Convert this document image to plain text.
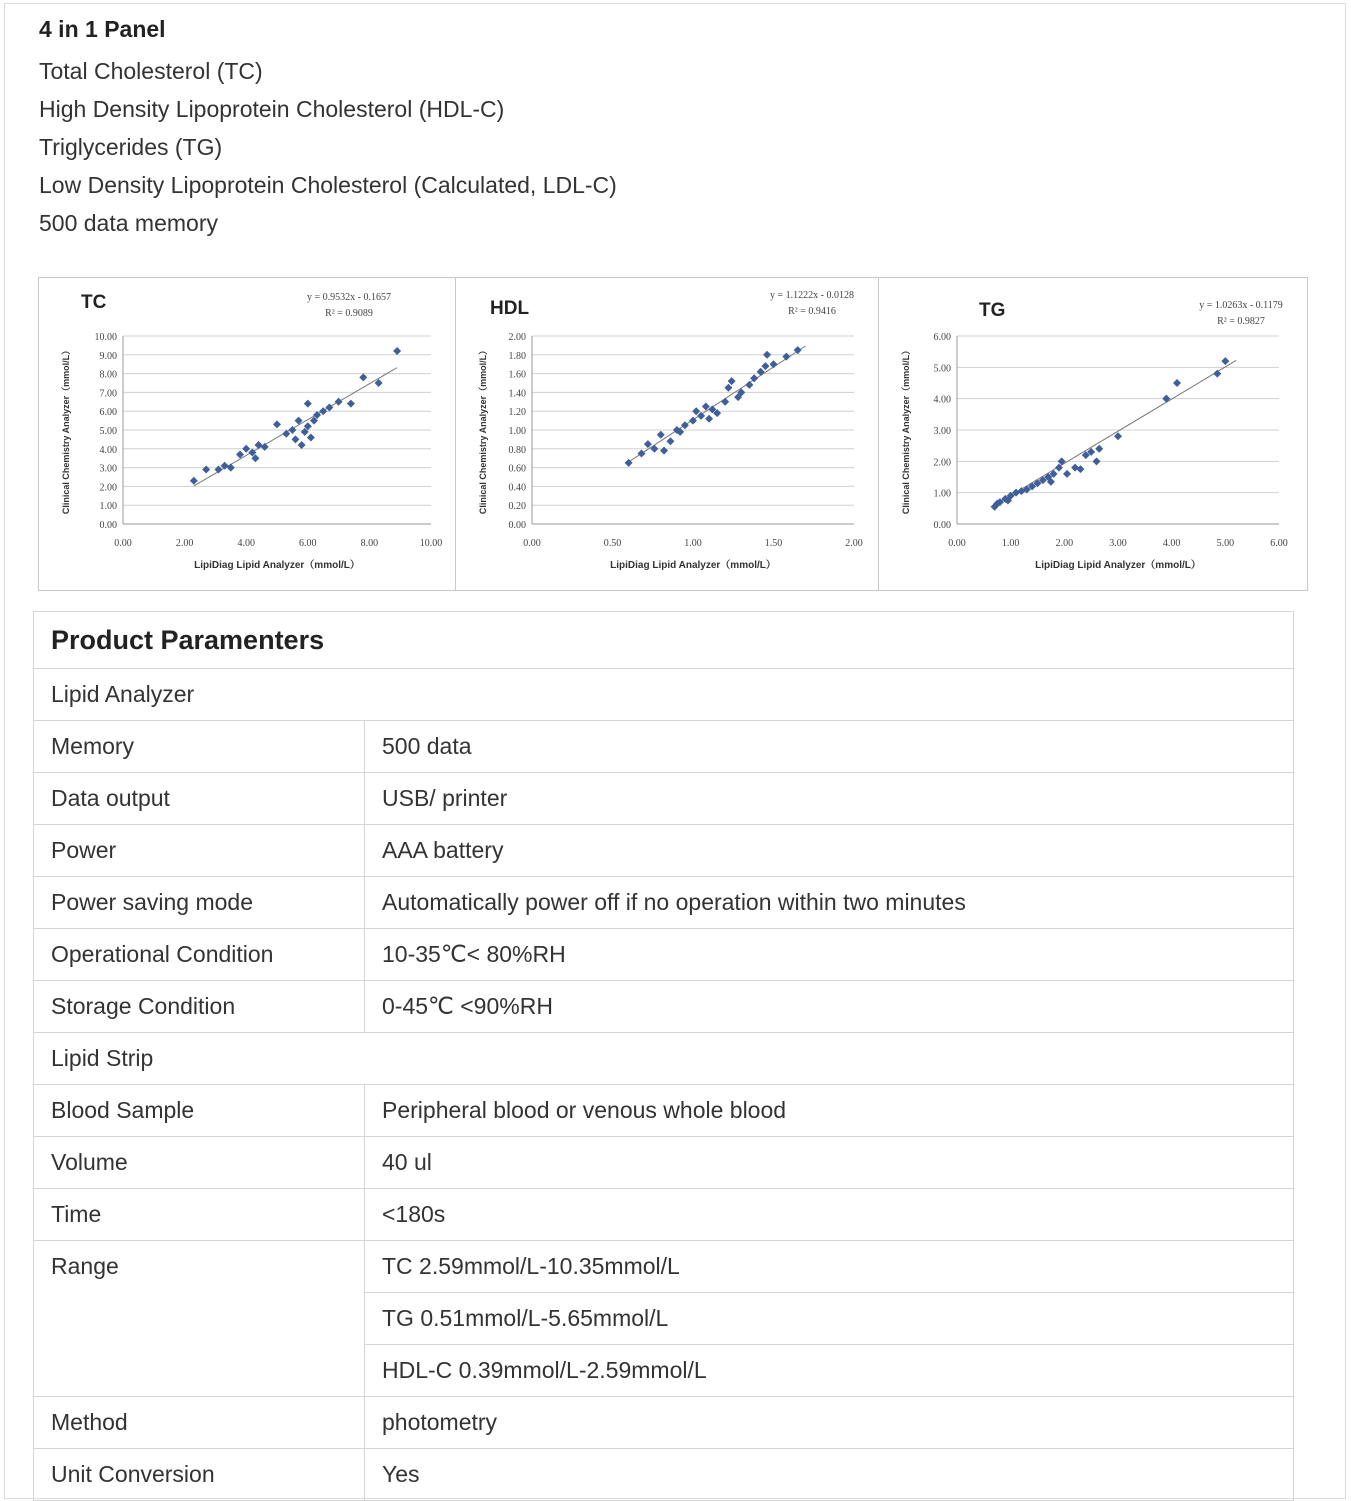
4 in 1 Panel
Total Cholesterol (TC)
High Density Lipoprotein Cholesterol (HDL-C)
Triglycerides (TG)
Low Density Lipoprotein Cholesterol (Calculated, LDL-C)
500 data memory
0.00
1.00
2.00
3.00
4.00
5.00
6.00
7.00
8.00
9.00
10.00
0.00	2.00	4.00	6.00	8.00	10.00
TC	y = 0.9532x - 0.1657
R² = 0.9089
LipiDiag Lipid Analyzer（mmol/L）
Clinical Chemistry Analyzer（mmol/L）
0.00
0.20
0.40
0.60
0.80
1.00
1.20
1.40
1.60
1.80
2.00
0.00	0.50	1.00	1.50	2.00
HDL
y = 1.1222x - 0.0128
R² = 0.9416
LipiDiag Lipid Analyzer（mmol/L）
Clinical Chemistry Analyzer（mmol/L）
0.00
1.00
2.00
3.00
4.00
5.00
6.00
0.00	1.00	2.00	3.00	4.00	5.00	6.00
TG	y = 1.0263x - 0.1179
R² = 0.9827
LipiDiag Lipid Analyzer（mmol/L）
Clinical Chemistry Analyzer（mmol/L）
Product Paramenters	
Lipid Analyzer	
Memory	500 data
Data output	USB/ printer
Power	AAA battery
Power saving mode	Automatically power off if no operation within two minutes
Operational Condition	10-35℃< 80%RH
Storage Condition	0-45℃ <90%RH
Lipid Strip	
Blood Sample	Peripheral blood or venous whole blood
Volume	40 ul
Time	<180s
Range	TC 2.59mmol/L-10.35mmol/L
	TG 0.51mmol/L-5.65mmol/L
	HDL-C 0.39mmol/L-2.59mmol/L
Method	photometry
Unit Conversion	Yes
